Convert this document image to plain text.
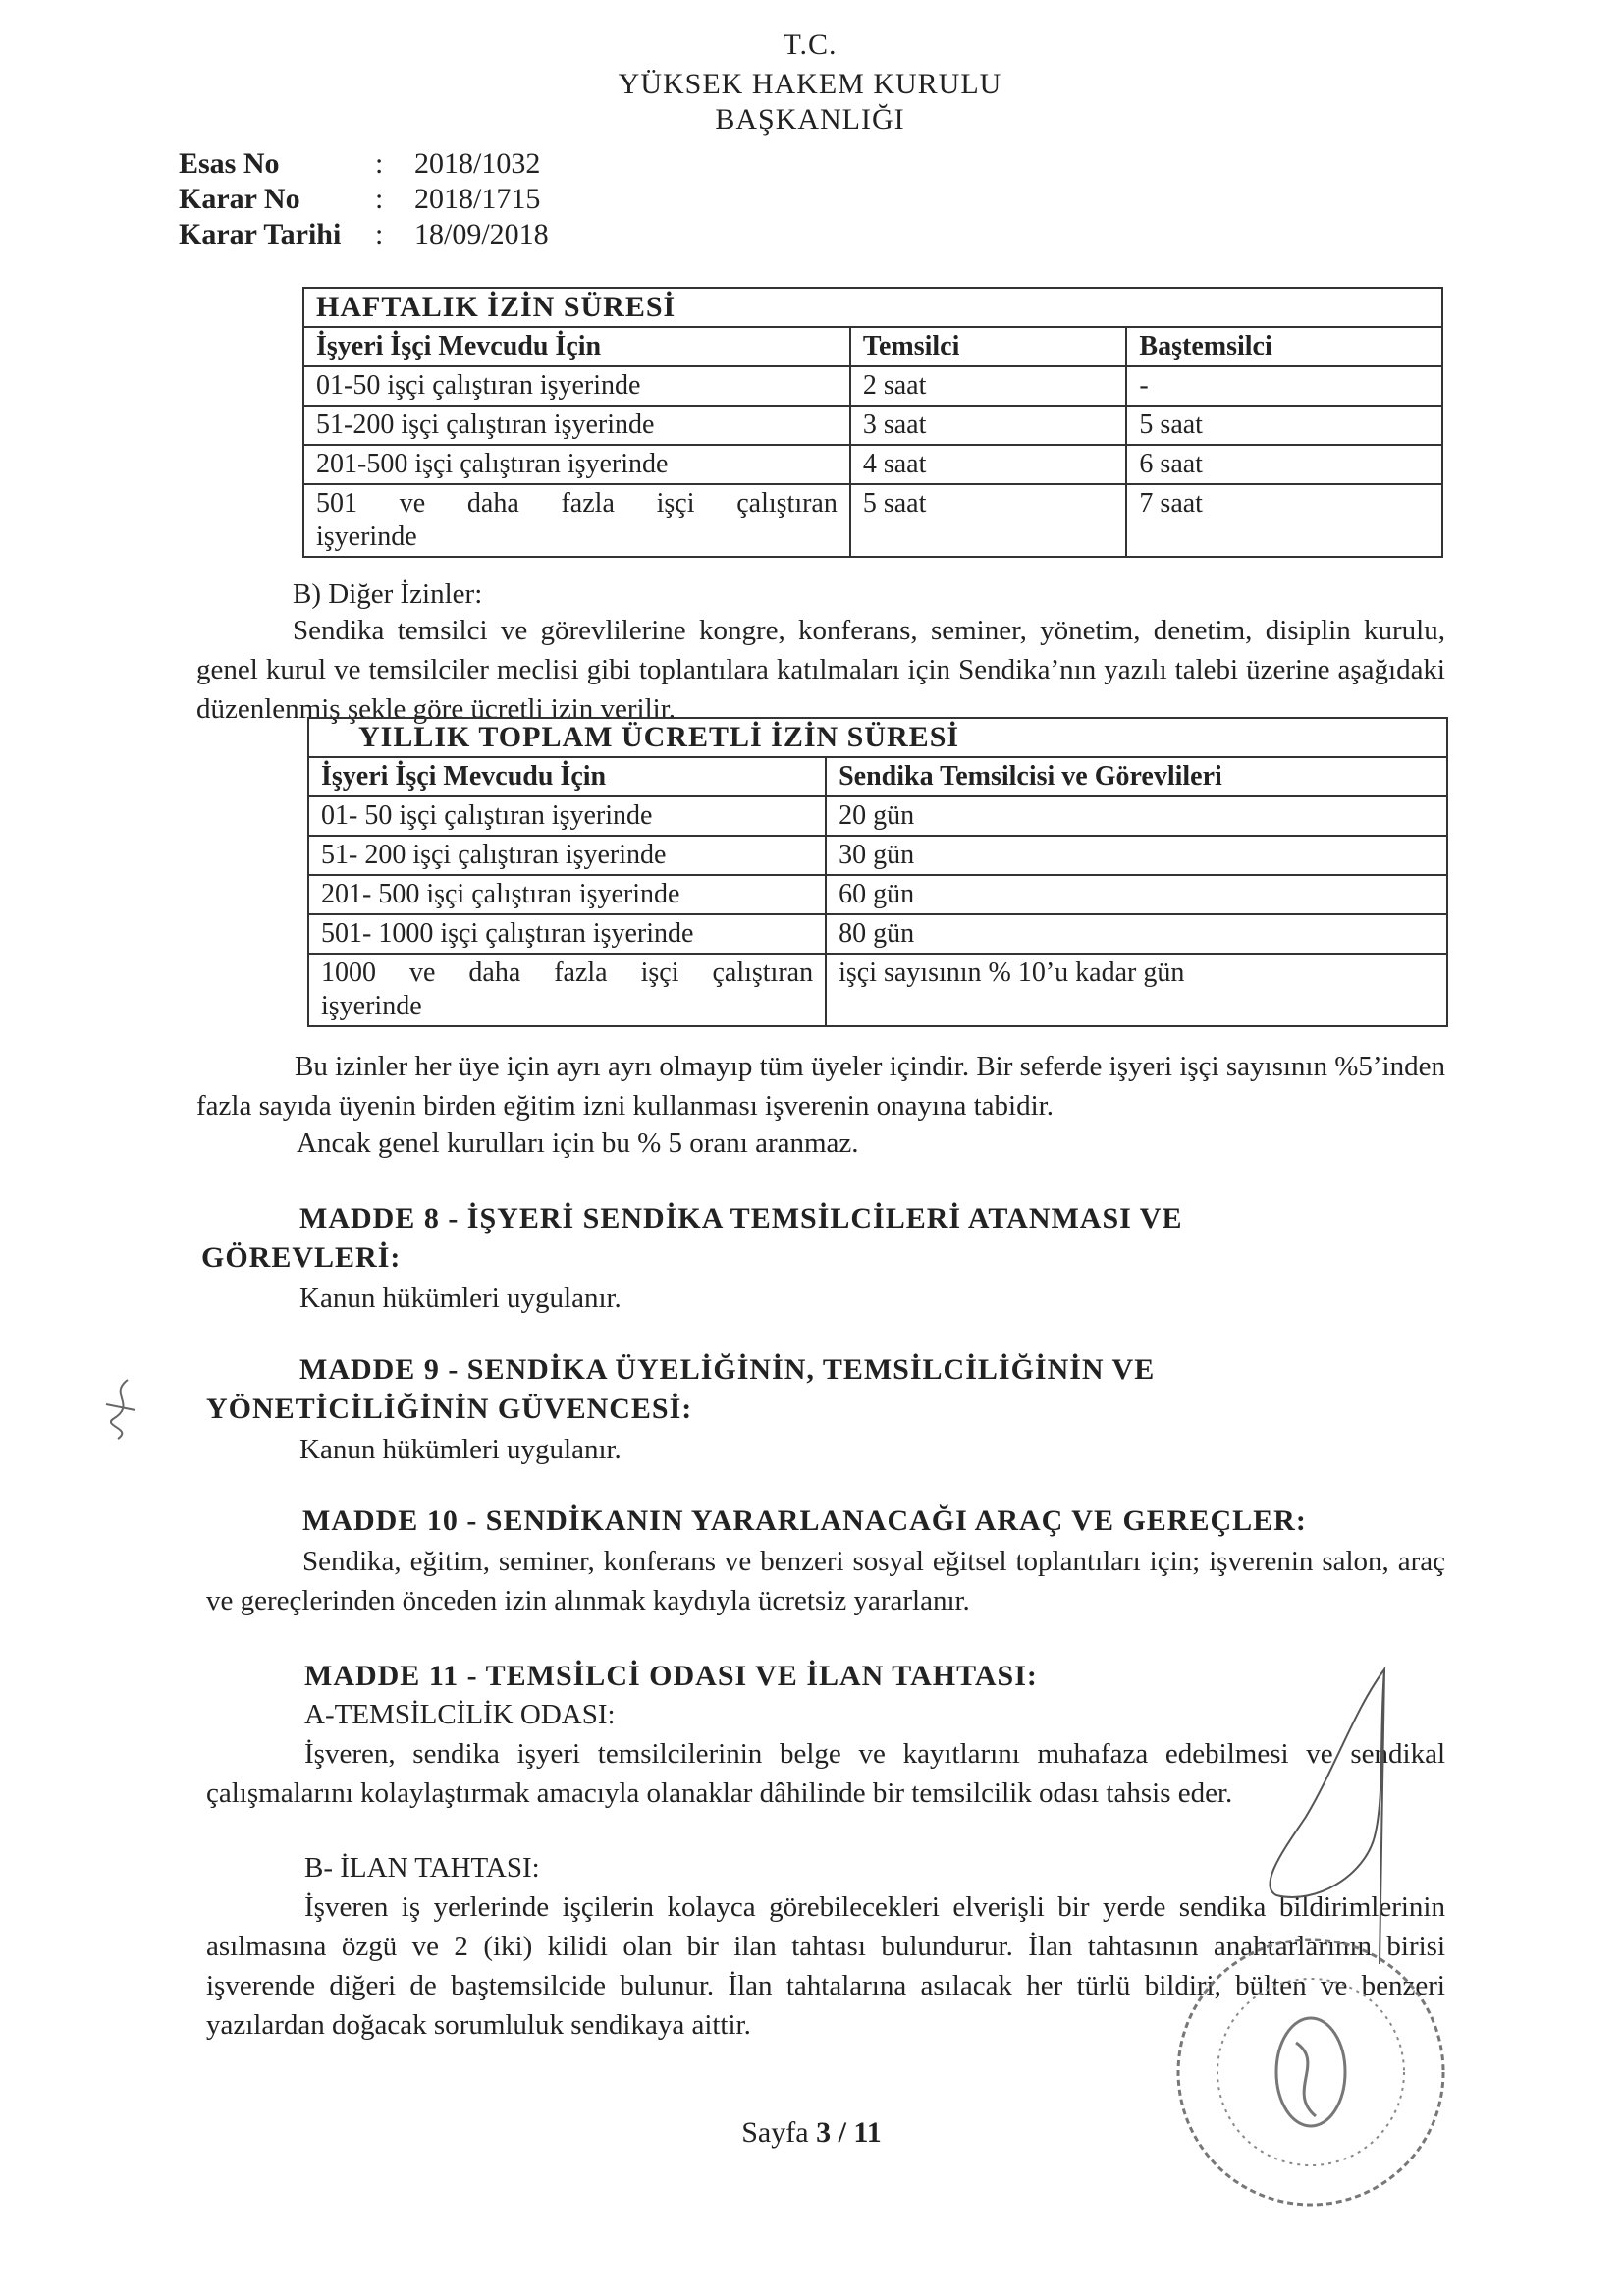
T.C.
YÜKSEK HAKEM KURULU
BAŞKANLIĞI
Esas No	:	2018/1032
Karar No	:	2018/1715
Karar Tarihi	:	18/09/2018
HAFTALIK İZİN SÜRESİ		
İşyeri İşçi Mevcudu İçin	Temsilci	Baştemsilci
01-50 işçi çalıştıran işyerinde	2 saat	-
51-200 işçi çalıştıran işyerinde	3 saat	5 saat
201-500 işçi çalıştıran işyerinde	4 saat	6 saat
501 ve daha fazla işçi çalıştıran işyerinde	5 saat	7 saat
B) Diğer İzinler:
Sendika temsilci ve görevlilerine kongre, konferans, seminer, yönetim, denetim, disiplin kurulu, genel kurul ve temsilciler meclisi gibi toplantılara katılmaları için Sendika’nın yazılı talebi üzerine aşağıdaki düzenlenmiş şekle göre ücretli izin verilir.
YILLIK TOPLAM ÜCRETLİ İZİN SÜRESİ	
İşyeri İşçi Mevcudu İçin	Sendika Temsilcisi ve Görevlileri
01- 50 işçi çalıştıran işyerinde	20 gün
51- 200 işçi çalıştıran işyerinde	30 gün
201- 500 işçi çalıştıran işyerinde	60 gün
501- 1000 işçi çalıştıran işyerinde	80 gün
1000 ve daha fazla işçi çalıştıran işyerinde	işçi sayısının % 10’u kadar gün
Bu izinler her üye için ayrı ayrı olmayıp tüm üyeler içindir. Bir seferde işyeri işçi sayısının %5’inden fazla sayıda üyenin birden eğitim izni kullanması işverenin onayına tabidir.
Ancak genel kurulları için bu % 5 oranı aranmaz.
MADDE 8 - İŞYERİ SENDİKA TEMSİLCİLERİ ATANMASI VE
GÖREVLERİ:
Kanun hükümleri uygulanır.
MADDE 9 - SENDİKA ÜYELİĞİNİN, TEMSİLCİLİĞİNİN VE
YÖNETİCİLİĞİNİN GÜVENCESİ:
Kanun hükümleri uygulanır.
MADDE 10 - SENDİKANIN YARARLANACAĞI ARAÇ VE GEREÇLER:
Sendika, eğitim, seminer, konferans ve benzeri sosyal eğitsel toplantıları için; işverenin salon, araç ve gereçlerinden önceden izin alınmak kaydıyla ücretsiz yararlanır.
MADDE 11 - TEMSİLCİ ODASI VE İLAN TAHTASI:
A-TEMSİLCİLİK ODASI:
İşveren, sendika işyeri temsilcilerinin belge ve kayıtlarını muhafaza edebilmesi ve sendikal çalışmalarını kolaylaştırmak amacıyla olanaklar dâhilinde bir temsilcilik odası tahsis eder.
B- İLAN TAHTASI:
İşveren iş yerlerinde işçilerin kolayca görebilecekleri elverişli bir yerde sendika bildirimlerinin asılmasına özgü ve 2 (iki) kilidi olan bir ilan tahtası bulundurur. İlan tahtasının anahtarlarının birisi işverende diğeri de baştemsilcide bulunur. İlan tahtalarına asılacak her türlü bildiri, bülten ve benzeri yazılardan doğacak sorumluluk sendikaya aittir.
Sayfa 3 / 11
